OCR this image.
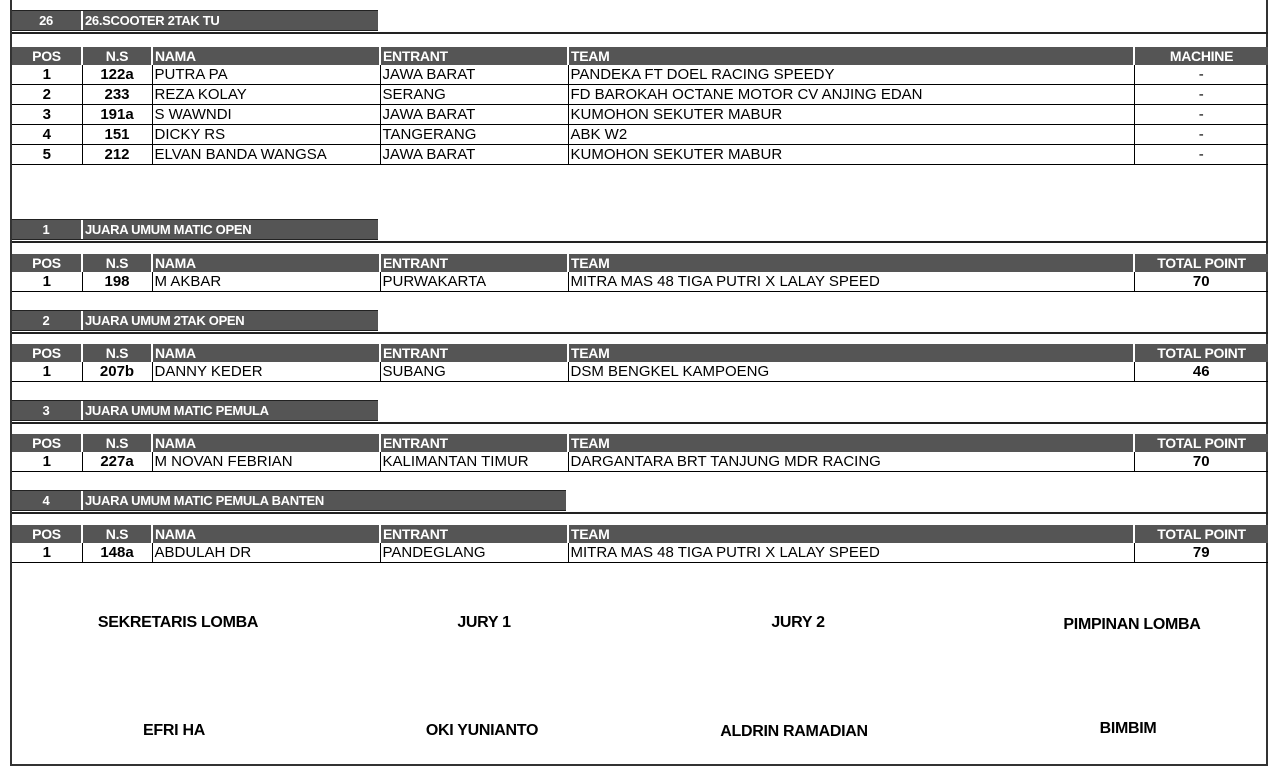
26	26.SCOOTER 2TAK TU
POS	N.S	NAMA	ENTRANT	TEAM	MACHINE
1	122a	PUTRA PA	JAWA BARAT	PANDEKA FT DOEL RACING SPEEDY	-
2	233	REZA KOLAY	SERANG	FD BAROKAH OCTANE MOTOR CV ANJING EDAN	-
3	191a	S WAWNDI	JAWA BARAT	KUMOHON SEKUTER MABUR	-
4	151	DICKY RS	TANGERANG	ABK W2	-
5	212	ELVAN BANDA WANGSA	JAWA BARAT	KUMOHON SEKUTER MABUR	-
1	JUARA UMUM MATIC OPEN
POS	N.S	NAMA	ENTRANT	TEAM	TOTAL POINT
1	198	M AKBAR	PURWAKARTA	MITRA MAS 48 TIGA PUTRI X LALAY SPEED	70
2	JUARA UMUM 2TAK OPEN
POS	N.S	NAMA	ENTRANT	TEAM	TOTAL POINT
1	207b	DANNY KEDER	SUBANG	DSM BENGKEL KAMPOENG	46
3	JUARA UMUM MATIC PEMULA
POS	N.S	NAMA	ENTRANT	TEAM	TOTAL POINT
1	227a	M NOVAN FEBRIAN	KALIMANTAN TIMUR	DARGANTARA BRT TANJUNG MDR RACING	70
4	JUARA UMUM MATIC PEMULA BANTEN
POS	N.S	NAMA	ENTRANT	TEAM	TOTAL POINT
1	148a	ABDULAH DR	PANDEGLANG	MITRA MAS 48 TIGA PUTRI X LALAY SPEED	79
SEKRETARIS LOMBA	JURY 1	JURY 2	PIMPINAN LOMBA
EFRI HA	OKI YUNIANTO	ALDRIN RAMADIAN	BIMBIM
